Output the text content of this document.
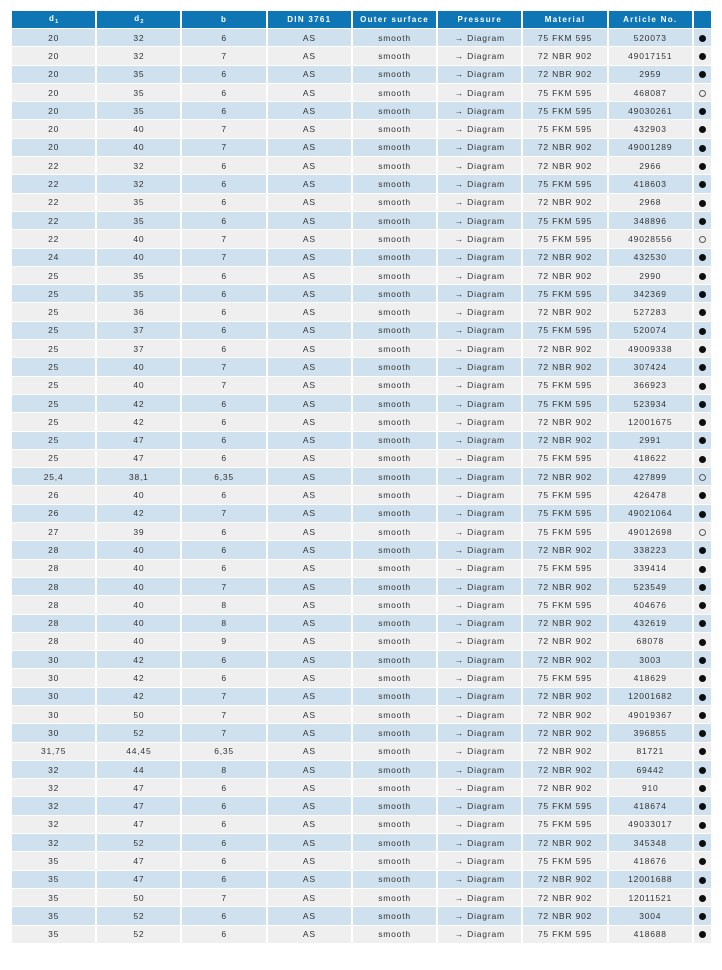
$d_1$	$d_2$	b	DIN 3761	Outer surface	Pressure	Material	Article No.	
20	32	6	AS	smooth	→ Diagram	75 FKM 595	520073	
20	32	7	AS	smooth	→ Diagram	72 NBR 902	49017151	
20	35	6	AS	smooth	→ Diagram	72 NBR 902	2959	
20	35	6	AS	smooth	→ Diagram	75 FKM 595	468087	
20	35	6	AS	smooth	→ Diagram	75 FKM 595	49030261	
20	40	7	AS	smooth	→ Diagram	75 FKM 595	432903	
20	40	7	AS	smooth	→ Diagram	72 NBR 902	49001289	
22	32	6	AS	smooth	→ Diagram	72 NBR 902	2966	
22	32	6	AS	smooth	→ Diagram	75 FKM 595	418603	
22	35	6	AS	smooth	→ Diagram	72 NBR 902	2968	
22	35	6	AS	smooth	→ Diagram	75 FKM 595	348896	
22	40	7	AS	smooth	→ Diagram	75 FKM 595	49028556	
24	40	7	AS	smooth	→ Diagram	72 NBR 902	432530	
25	35	6	AS	smooth	→ Diagram	72 NBR 902	2990	
25	35	6	AS	smooth	→ Diagram	75 FKM 595	342369	
25	36	6	AS	smooth	→ Diagram	72 NBR 902	527283	
25	37	6	AS	smooth	→ Diagram	75 FKM 595	520074	
25	37	6	AS	smooth	→ Diagram	72 NBR 902	49009338	
25	40	7	AS	smooth	→ Diagram	72 NBR 902	307424	
25	40	7	AS	smooth	→ Diagram	75 FKM 595	366923	
25	42	6	AS	smooth	→ Diagram	75 FKM 595	523934	
25	42	6	AS	smooth	→ Diagram	72 NBR 902	12001675	
25	47	6	AS	smooth	→ Diagram	72 NBR 902	2991	
25	47	6	AS	smooth	→ Diagram	75 FKM 595	418622	
25,4	38,1	6,35	AS	smooth	→ Diagram	72 NBR 902	427899	
26	40	6	AS	smooth	→ Diagram	75 FKM 595	426478	
26	42	7	AS	smooth	→ Diagram	75 FKM 595	49021064	
27	39	6	AS	smooth	→ Diagram	75 FKM 595	49012698	
28	40	6	AS	smooth	→ Diagram	72 NBR 902	338223	
28	40	6	AS	smooth	→ Diagram	75 FKM 595	339414	
28	40	7	AS	smooth	→ Diagram	72 NBR 902	523549	
28	40	8	AS	smooth	→ Diagram	75 FKM 595	404676	
28	40	8	AS	smooth	→ Diagram	72 NBR 902	432619	
28	40	9	AS	smooth	→ Diagram	72 NBR 902	68078	
30	42	6	AS	smooth	→ Diagram	72 NBR 902	3003	
30	42	6	AS	smooth	→ Diagram	75 FKM 595	418629	
30	42	7	AS	smooth	→ Diagram	72 NBR 902	12001682	
30	50	7	AS	smooth	→ Diagram	72 NBR 902	49019367	
30	52	7	AS	smooth	→ Diagram	72 NBR 902	396855	
31,75	44,45	6,35	AS	smooth	→ Diagram	72 NBR 902	81721	
32	44	8	AS	smooth	→ Diagram	72 NBR 902	69442	
32	47	6	AS	smooth	→ Diagram	72 NBR 902	910	
32	47	6	AS	smooth	→ Diagram	75 FKM 595	418674	
32	47	6	AS	smooth	→ Diagram	75 FKM 595	49033017	
32	52	6	AS	smooth	→ Diagram	72 NBR 902	345348	
35	47	6	AS	smooth	→ Diagram	75 FKM 595	418676	
35	47	6	AS	smooth	→ Diagram	72 NBR 902	12001688	
35	50	7	AS	smooth	→ Diagram	72 NBR 902	12011521	
35	52	6	AS	smooth	→ Diagram	72 NBR 902	3004	
35	52	6	AS	smooth	→ Diagram	75 FKM 595	418688	
